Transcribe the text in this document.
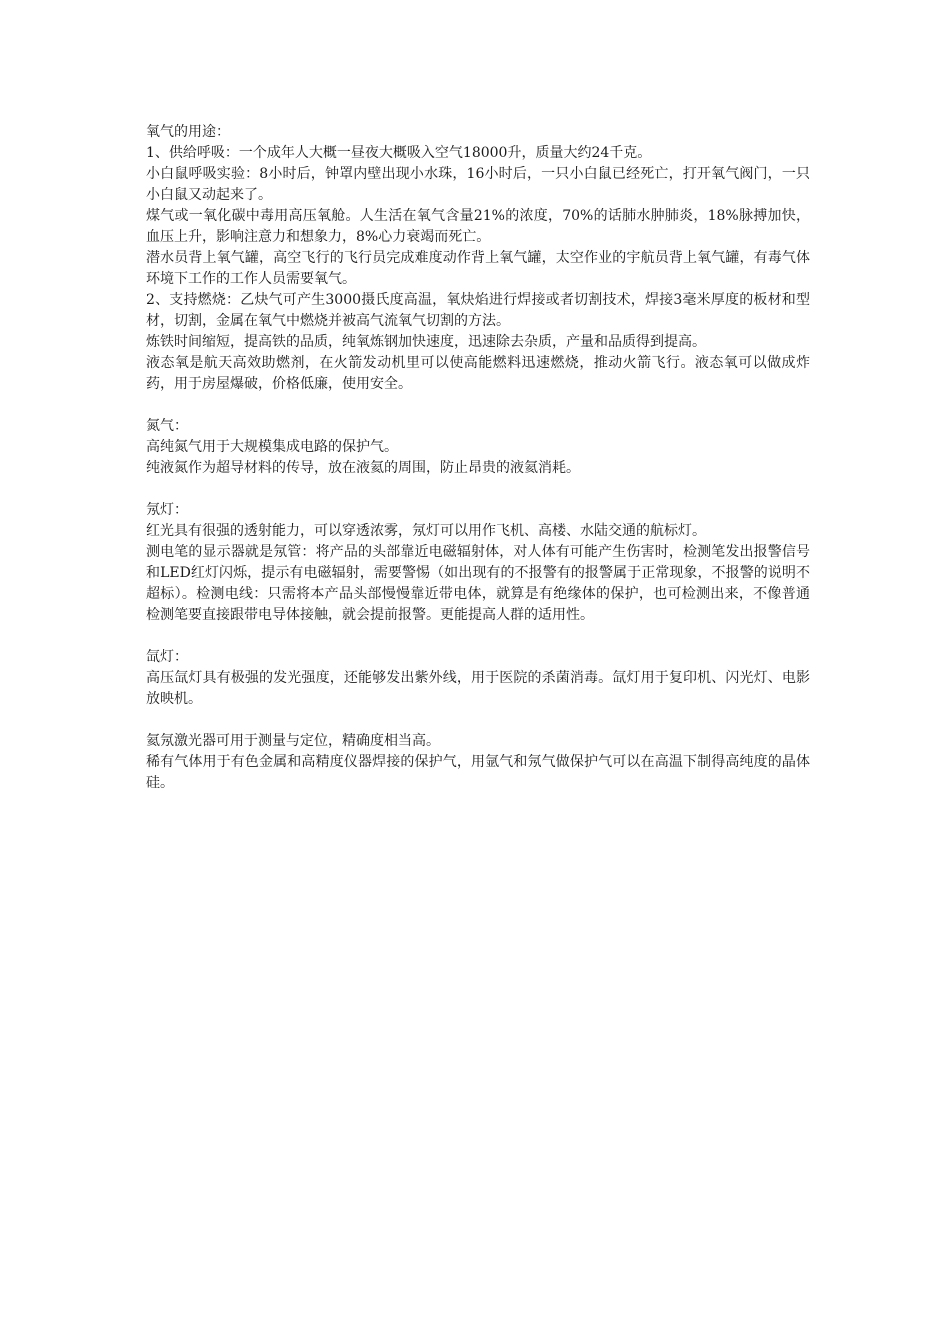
氧气的用途：

1、供给呼吸：一个成年人大概一昼夜大概吸入空气18000升，质量大约24千克。

小白鼠呼吸实验：8小时后，钟罩内壁出现小水珠，16小时后，一只小白鼠已经死亡，打开氧气阀门，一只小白鼠又动起来了。

煤气或一氧化碳中毒用高压氧舱。人生活在氧气含量21%的浓度，70%的话肺水肿肺炎，18%脉搏加快，血压上升，影响注意力和想象力，8%心力衰竭而死亡。

潜水员背上氧气罐，高空飞行的飞行员完成难度动作背上氧气罐，太空作业的宇航员背上氧气罐，有毒气体环境下工作的工作人员需要氧气。

2、支持燃烧：乙炔气可产生3000摄氏度高温，氧炔焰进行焊接或者切割技术，焊接3毫米厚度的板材和型材，切割，金属在氧气中燃烧并被高气流氧气切割的方法。

炼铁时间缩短，提高铁的品质，纯氧炼钢加快速度，迅速除去杂质，产量和品质得到提高。

液态氧是航天高效助燃剂，在火箭发动机里可以使高能燃料迅速燃烧，推动火箭飞行。液态氧可以做成炸药，用于房屋爆破，价格低廉，使用安全。

氮气：

高纯氮气用于大规模集成电路的保护气。

纯液氮作为超导材料的传导，放在液氦的周围，防止昂贵的液氦消耗。

氖灯：

红光具有很强的透射能力，可以穿透浓雾，氖灯可以用作飞机、高楼、水陆交通的航标灯。

测电笔的显示器就是氖管：将产品的头部靠近电磁辐射体，对人体有可能产生伤害时，检测笔发出报警信号和LED红灯闪烁，提示有电磁辐射，需要警惕（如出现有的不报警有的报警属于正常现象，不报警的说明不超标）。检测电线：只需将本产品头部慢慢靠近带电体，就算是有绝缘体的保护，也可检测出来，不像普通检测笔要直接跟带电导体接触，就会提前报警。更能提高人群的适用性。

氙灯：

高压氙灯具有极强的发光强度，还能够发出紫外线，用于医院的杀菌消毒。氙灯用于复印机、闪光灯、电影放映机。

氦氖激光器可用于测量与定位，精确度相当高。

稀有气体用于有色金属和高精度仪器焊接的保护气，用氩气和氖气做保护气可以在高温下制得高纯度的晶体硅。
